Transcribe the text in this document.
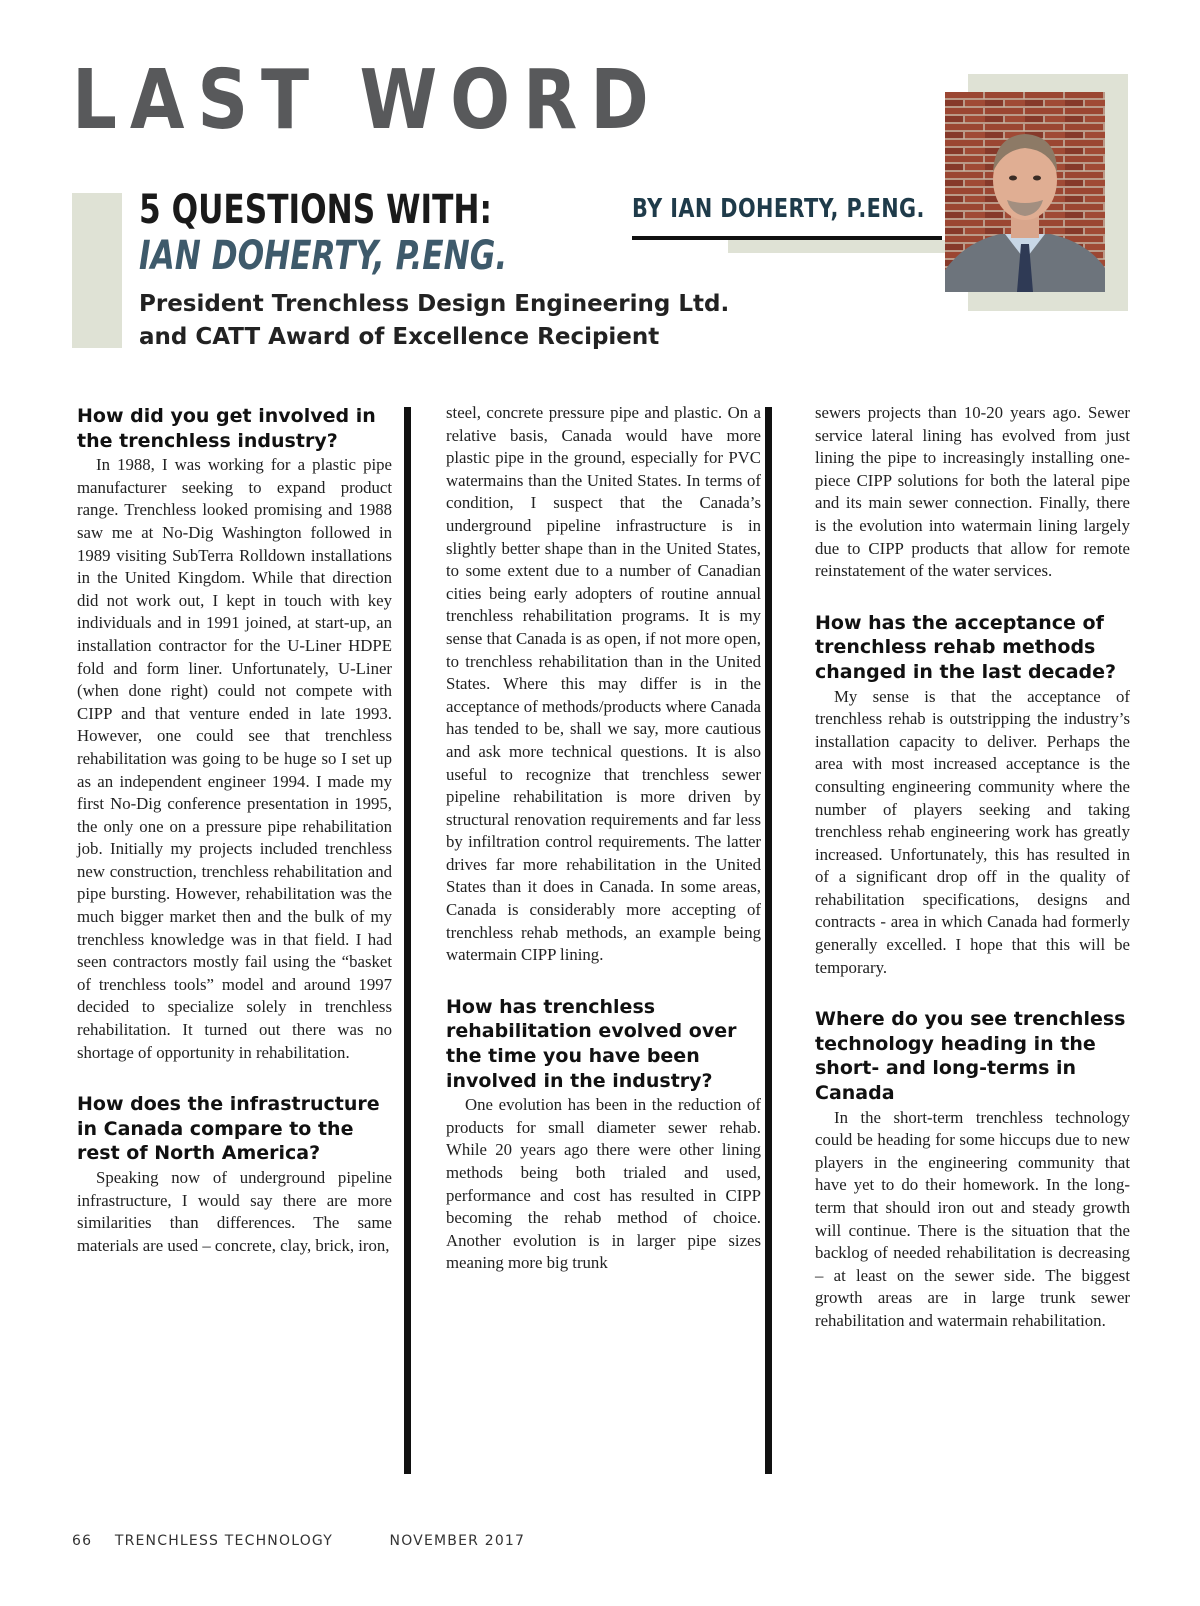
LAST WORD
5 QUESTIONS WITH:
IAN DOHERTY, P.ENG.
President Trenchless Design Engineering Ltd.
and CATT Award of Excellence Recipient

BY IAN DOHERTY, P.ENG.

How did you get involved in the trenchless industry?

In 1988, I was working for a plastic pipe manufacturer seeking to expand product range. Trenchless looked promising and 1988 saw me at No-Dig Washington followed in 1989 visiting SubTerra Rolldown installations in the United Kingdom. While that direction did not work out, I kept in touch with key individuals and in 1991 joined, at start-up, an installation contractor for the U-Liner HDPE fold and form liner. Unfortunately, U-Liner (when done right) could not compete with CIPP and that venture ended in late 1993. However, one could see that trenchless rehabilitation was going to be huge so I set up as an independent engineer 1994. I made my first No-Dig conference presentation in 1995, the only one on a pressure pipe rehabilitation job. Initially my projects included trenchless new construction, trenchless rehabilitation and pipe bursting. However, rehabilitation was the much bigger market then and the bulk of my trenchless knowledge was in that field. I had seen contractors mostly fail using the “basket of trenchless tools” model and around 1997 decided to specialize solely in trenchless rehabilitation. It turned out there was no shortage of opportunity in rehabilitation.

How does the infrastructure in Canada compare to the rest of North America?

Speaking now of underground pipeline infrastructure, I would say there are more similarities than differences. The same materials are used – concrete, clay, brick, iron,

steel, concrete pressure pipe and plastic. On a relative basis, Canada would have more plastic pipe in the ground, especially for PVC watermains than the United States. In terms of condition, I suspect that the Canada’s underground pipeline infrastructure is in slightly better shape than in the United States, to some extent due to a number of Canadian cities being early adopters of routine annual trenchless rehabilitation programs. It is my sense that Canada is as open, if not more open, to trenchless rehabilitation than in the United States. Where this may differ is in the acceptance of methods/products where Canada has tended to be, shall we say, more cautious and ask more technical questions. It is also useful to recognize that trenchless sewer pipeline rehabilitation is more driven by structural renovation requirements and far less by infiltration control requirements. The latter drives far more rehabilitation in the United States than it does in Canada. In some areas, Canada is considerably more accepting of trenchless rehab methods, an example being watermain CIPP lining.

How has trenchless rehabilitation evolved over the time you have been involved in the industry?

One evolution has been in the reduction of products for small diameter sewer rehab. While 20 years ago there were other lining methods being both trialed and used, performance and cost has resulted in CIPP becoming the rehab method of choice. Another evolution is in larger pipe sizes meaning more big trunk

sewers projects than 10-20 years ago. Sewer service lateral lining has evolved from just lining the pipe to increasingly installing one-piece CIPP solutions for both the lateral pipe and its main sewer connection. Finally, there is the evolution into watermain lining largely due to CIPP products that allow for remote reinstatement of the water services.

How has the acceptance of trenchless rehab methods changed in the last decade?

My sense is that the acceptance of trenchless rehab is outstripping the industry’s installation capacity to deliver. Perhaps the area with most increased acceptance is the consulting engineering community where the number of players seeking and taking trenchless rehab engineering work has greatly increased. Unfortunately, this has resulted in of a significant drop off in the quality of rehabilitation specifications, designs and contracts - area in which Canada had formerly generally excelled. I hope that this will be temporary.

Where do you see trenchless technology heading in the short- and long-terms in Canada

In the short-term trenchless technology could be heading for some hiccups due to new players in the engineering community that have yet to do their homework. In the long-term that should iron out and steady growth will continue. There is the situation that the backlog of needed rehabilitation is decreasing – at least on the sewer side. The biggest growth areas are in large trunk sewer rehabilitation and watermain rehabilitation.

66 TRENCHLESS TECHNOLOGY	NOVEMBER 2017
